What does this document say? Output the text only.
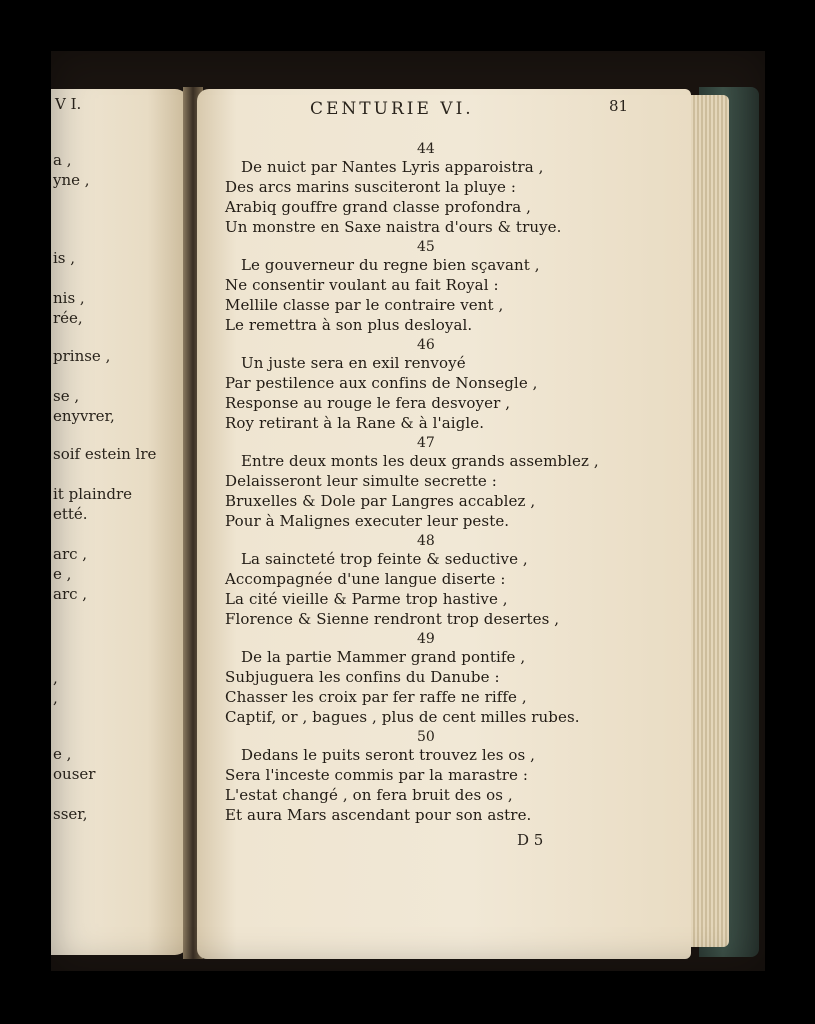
V I.
a ,
yne ,
is ,
nis ,
rée,
prinse ,
se ,
enyvrer,
soif estein lre
it plaindre
etté.
arc ,
e ,
arc ,
,
,
e ,
ouser
sser,
CENTURIE VI.	81
44
De nuict par Nantes Lyris apparoistra ,
Des arcs marins susciteront la pluye :
Arabiq gouffre grand classe profondra ,
Un monstre en Saxe naistra d'ours & truye.
45
Le gouverneur du regne bien sçavant ,
Ne consentir voulant au fait Royal :
Mellile classe par le contraire vent ,
Le remettra à son plus desloyal.
46
Un juste sera en exil renvoyé
Par pestilence aux confins de Nonsegle ,
Response au rouge le fera desvoyer ,
Roy retirant à la Rane & à l'aigle.
47
Entre deux monts les deux grands assemblez ,
Delaisseront leur simulte secrette :
Bruxelles & Dole par Langres accablez ,
Pour à Malignes executer leur peste.
48
La saincteté trop feinte & seductive ,
Accompagnée d'une langue diserte :
La cité vieille & Parme trop hastive ,
Florence & Sienne rendront trop desertes ,
49
De la partie Mammer grand pontife ,
Subjuguera les confins du Danube :
Chasser les croix par fer raffe ne riffe ,
Captif, or , bagues , plus de cent milles rubes.
50
Dedans le puits seront trouvez les os ,
Sera l'inceste commis par la marastre :
L'estat changé , on fera bruit des os ,
Et aura Mars ascendant pour son astre.
D 5
